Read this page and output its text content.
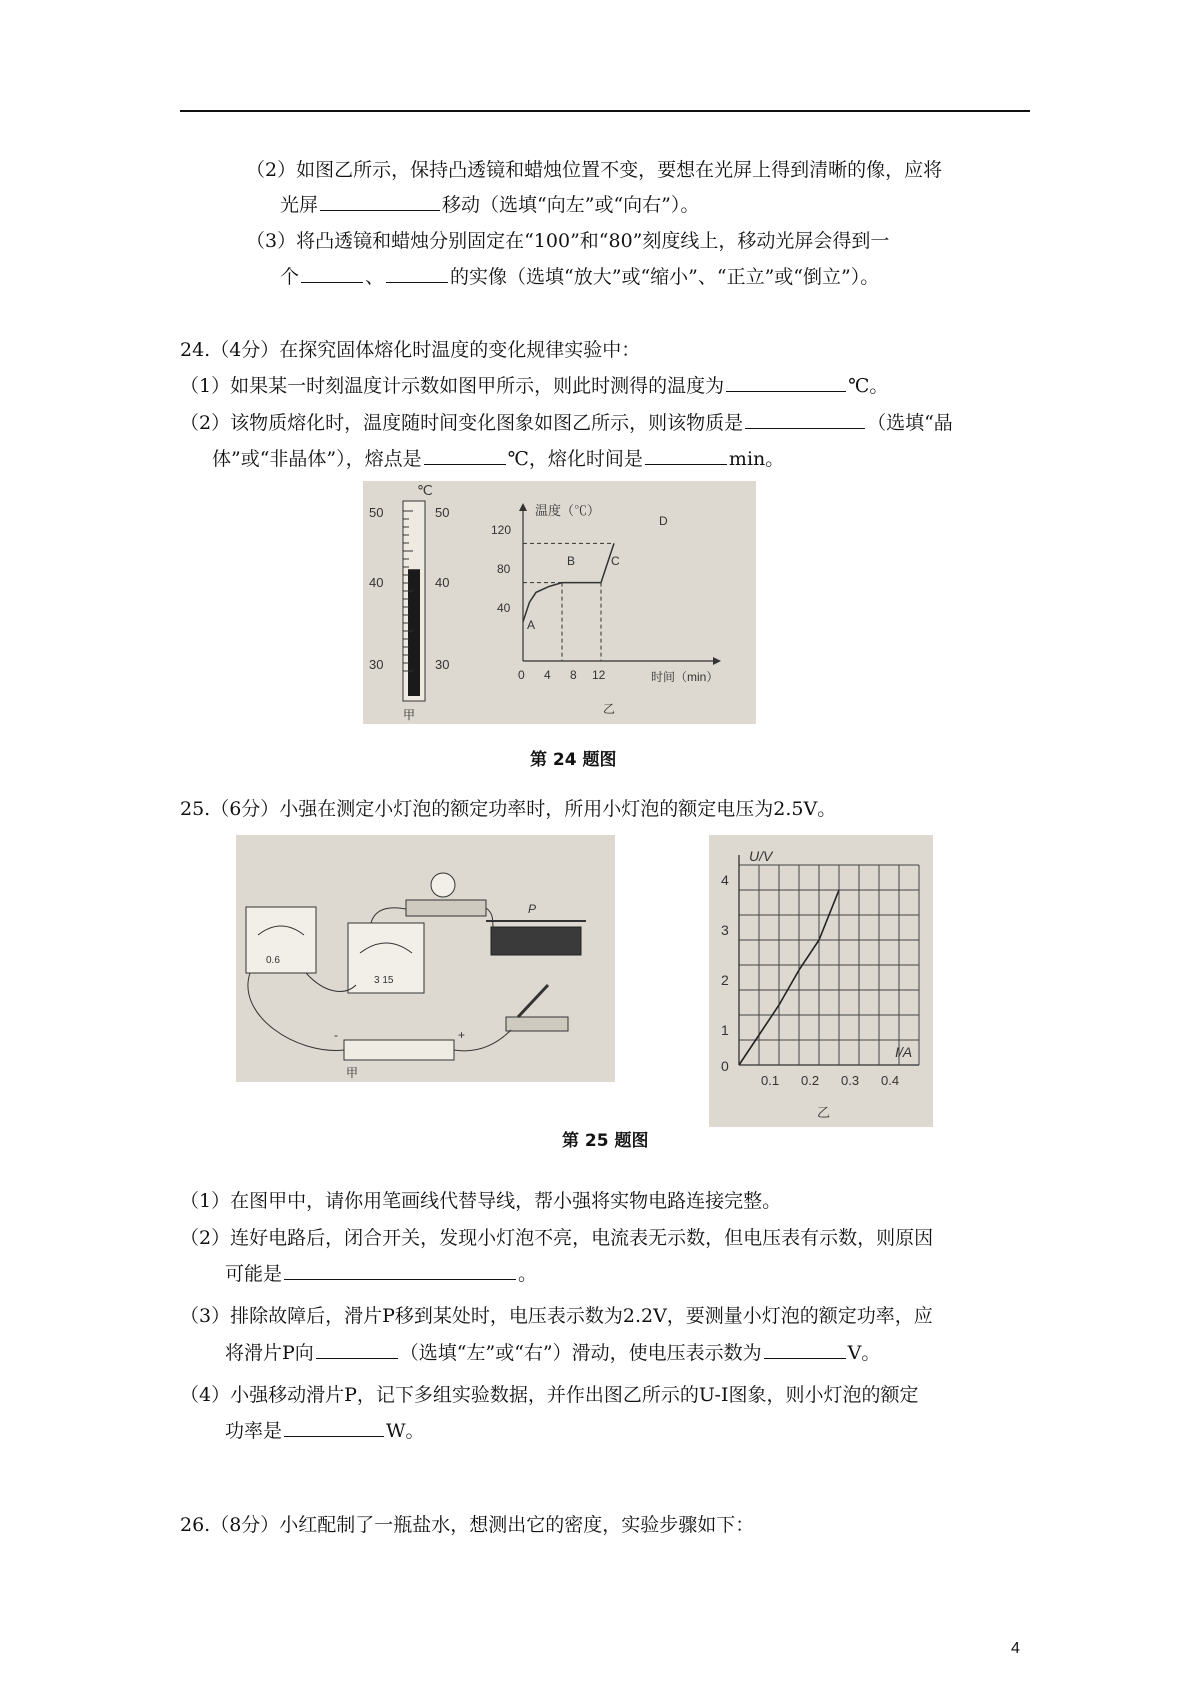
（2）如图乙所示，保持凸透镜和蜡烛位置不变，要想在光屏上得到清晰的像，应将
光屏	移动（选填“向左”或“向右”）。
（3）将凸透镜和蜡烛分别固定在“100”和“80”刻度线上，移动光屏会得到一
个	、	的实像（选填“放大”或“缩小”、“正立”或“倒立”）。
24.（4分）在探究固体熔化时温度的变化规律实验中：
（1）如果某一时刻温度计示数如图甲所示，则此时测得的温度为	℃。
（2）该物质熔化时，温度随时间变化图象如图乙所示，则该物质是	（选填“晶
体”或“非晶体”），熔点是	℃，熔化时间是	min。
℃
50
40
30
50
40
30
甲
温度（℃）
时间（min）
120
80
40
0 4 8 12
A
B	C
D
乙
第 24 题图
25.（6分）小强在测定小灯泡的额定功率时，所用小灯泡的额定电压为2.5V。
0.6
3 15
P
-	+
甲
U/V
I/A
4
3
2
1
0
0.1 0.2 0.3 0.4
乙
第 25 题图
（1）在图甲中，请你用笔画线代替导线，帮小强将实物电路连接完整。
（2）连好电路后，闭合开关，发现小灯泡不亮，电流表无示数，但电压表有示数，则原因
可能是	。
（3）排除故障后，滑片P移到某处时，电压表示数为2.2V，要测量小灯泡的额定功率，应
将滑片P向	（选填“左”或“右”）滑动，使电压表示数为	V。
（4）小强移动滑片P，记下多组实验数据，并作出图乙所示的U-I图象，则小灯泡的额定
功率是	W。
26.（8分）小红配制了一瓶盐水，想测出它的密度，实验步骤如下：
4
